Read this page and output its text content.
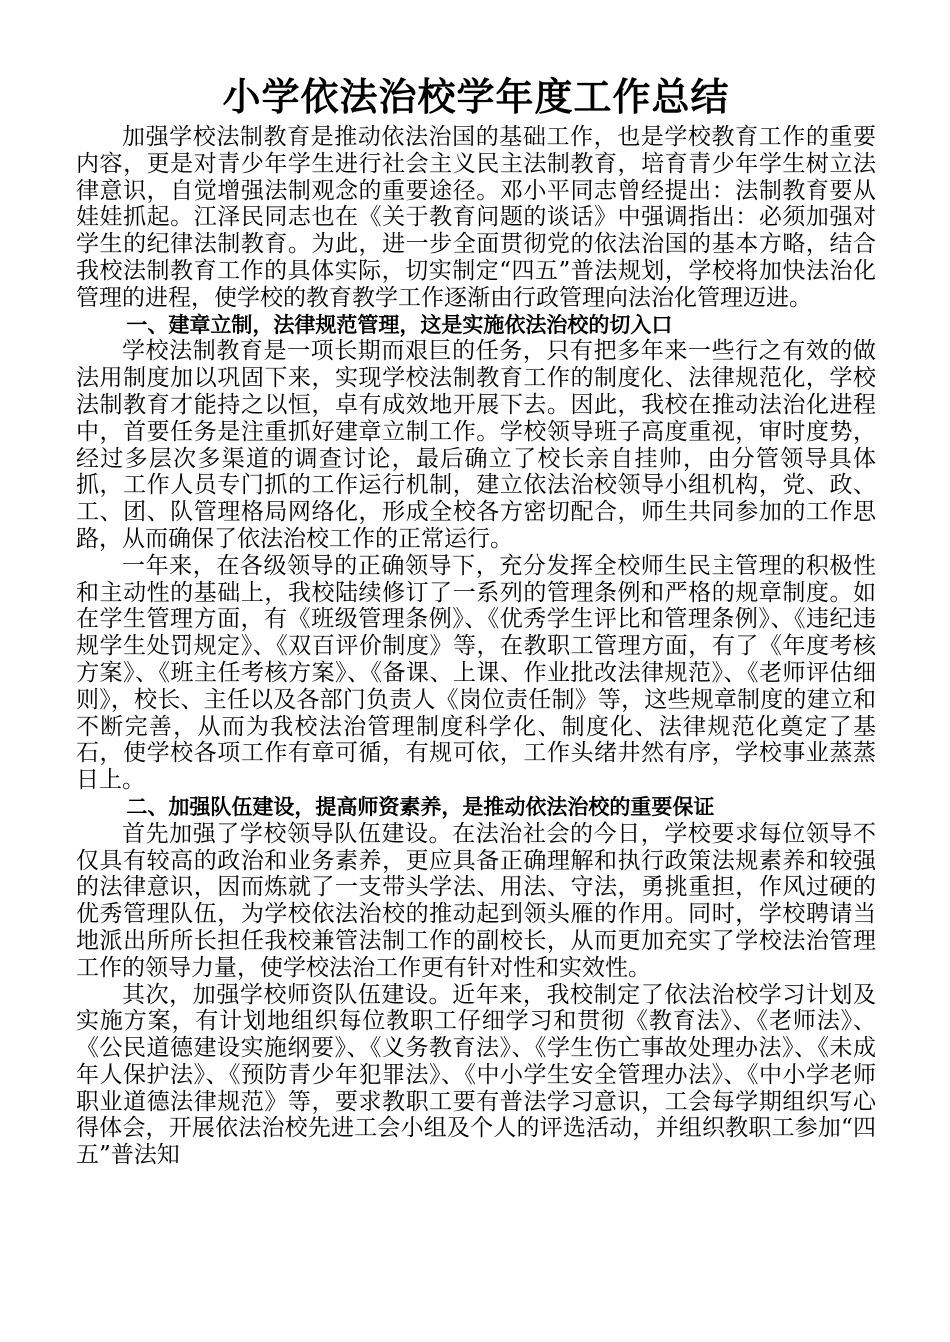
小学依法治校学年度工作总结

加强学校法制教育是推动依法治国的基础工作，也是学校教育工作的重要内容，更是对青少年学生进行社会主义民主法制教育，培育青少年学生树立法律意识，自觉增强法制观念的重要途径。邓小平同志曾经提出：法制教育要从娃娃抓起。江泽民同志也在《关于教育问题的谈话》中强调指出：必须加强对学生的纪律法制教育。为此，进一步全面贯彻党的依法治国的基本方略，结合我校法制教育工作的具体实际，切实制定“四五”普法规划，学校将加快法治化管理的进程，使学校的教育教学工作逐渐由行政管理向法治化管理迈进。

一、建章立制，法律规范管理，这是实施依法治校的切入口

学校法制教育是一项长期而艰巨的任务，只有把多年来一些行之有效的做法用制度加以巩固下来，实现学校法制教育工作的制度化、法律规范化，学校法制教育才能持之以恒，卓有成效地开展下去。因此，我校在推动法治化进程中，首要任务是注重抓好建章立制工作。学校领导班子高度重视，审时度势，经过多层次多渠道的调查讨论，最后确立了校长亲自挂帅，由分管领导具体抓，工作人员专门抓的工作运行机制，建立依法治校领导小组机构，党、政、工、团、队管理格局网络化，形成全校各方密切配合，师生共同参加的工作思路，从而确保了依法治校工作的正常运行。

一年来，在各级领导的正确领导下，充分发挥全校师生民主管理的积极性和主动性的基础上，我校陆续修订了一系列的管理条例和严格的规章制度。如在学生管理方面，有《班级管理条例》、《优秀学生评比和管理条例》、《违纪违规学生处罚规定》、《双百评价制度》等，在教职工管理方面，有了《年度考核方案》、《班主任考核方案》、《备课、上课、作业批改法律规范》、《老师评估细则》，校长、主任以及各部门负责人《岗位责任制》等，这些规章制度的建立和不断完善，从而为我校法治管理制度科学化、制度化、法律规范化奠定了基石，使学校各项工作有章可循，有规可依，工作头绪井然有序，学校事业蒸蒸日上。

二、加强队伍建设，提高师资素养，是推动依法治校的重要保证

首先加强了学校领导队伍建设。在法治社会的今日，学校要求每位领导不仅具有较高的政治和业务素养，更应具备正确理解和执行政策法规素养和较强的法律意识，因而炼就了一支带头学法、用法、守法，勇挑重担，作风过硬的优秀管理队伍，为学校依法治校的推动起到领头雁的作用。同时，学校聘请当地派出所所长担任我校兼管法制工作的副校长，从而更加充实了学校法治管理工作的领导力量，使学校法治工作更有针对性和实效性。

其次，加强学校师资队伍建设。近年来，我校制定了依法治校学习计划及实施方案，有计划地组织每位教职工仔细学习和贯彻《教育法》、《老师法》、《公民道德建设实施纲要》、《义务教育法》、《学生伤亡事故处理办法》、《未成年人保护法》、《预防青少年犯罪法》、《中小学生安全管理办法》、《中小学老师职业道德法律规范》等，要求教职工要有普法学习意识，工会每学期组织写心得体会，开展依法治校先进工会小组及个人的评选活动，并组织教职工参加“四五”普法知
